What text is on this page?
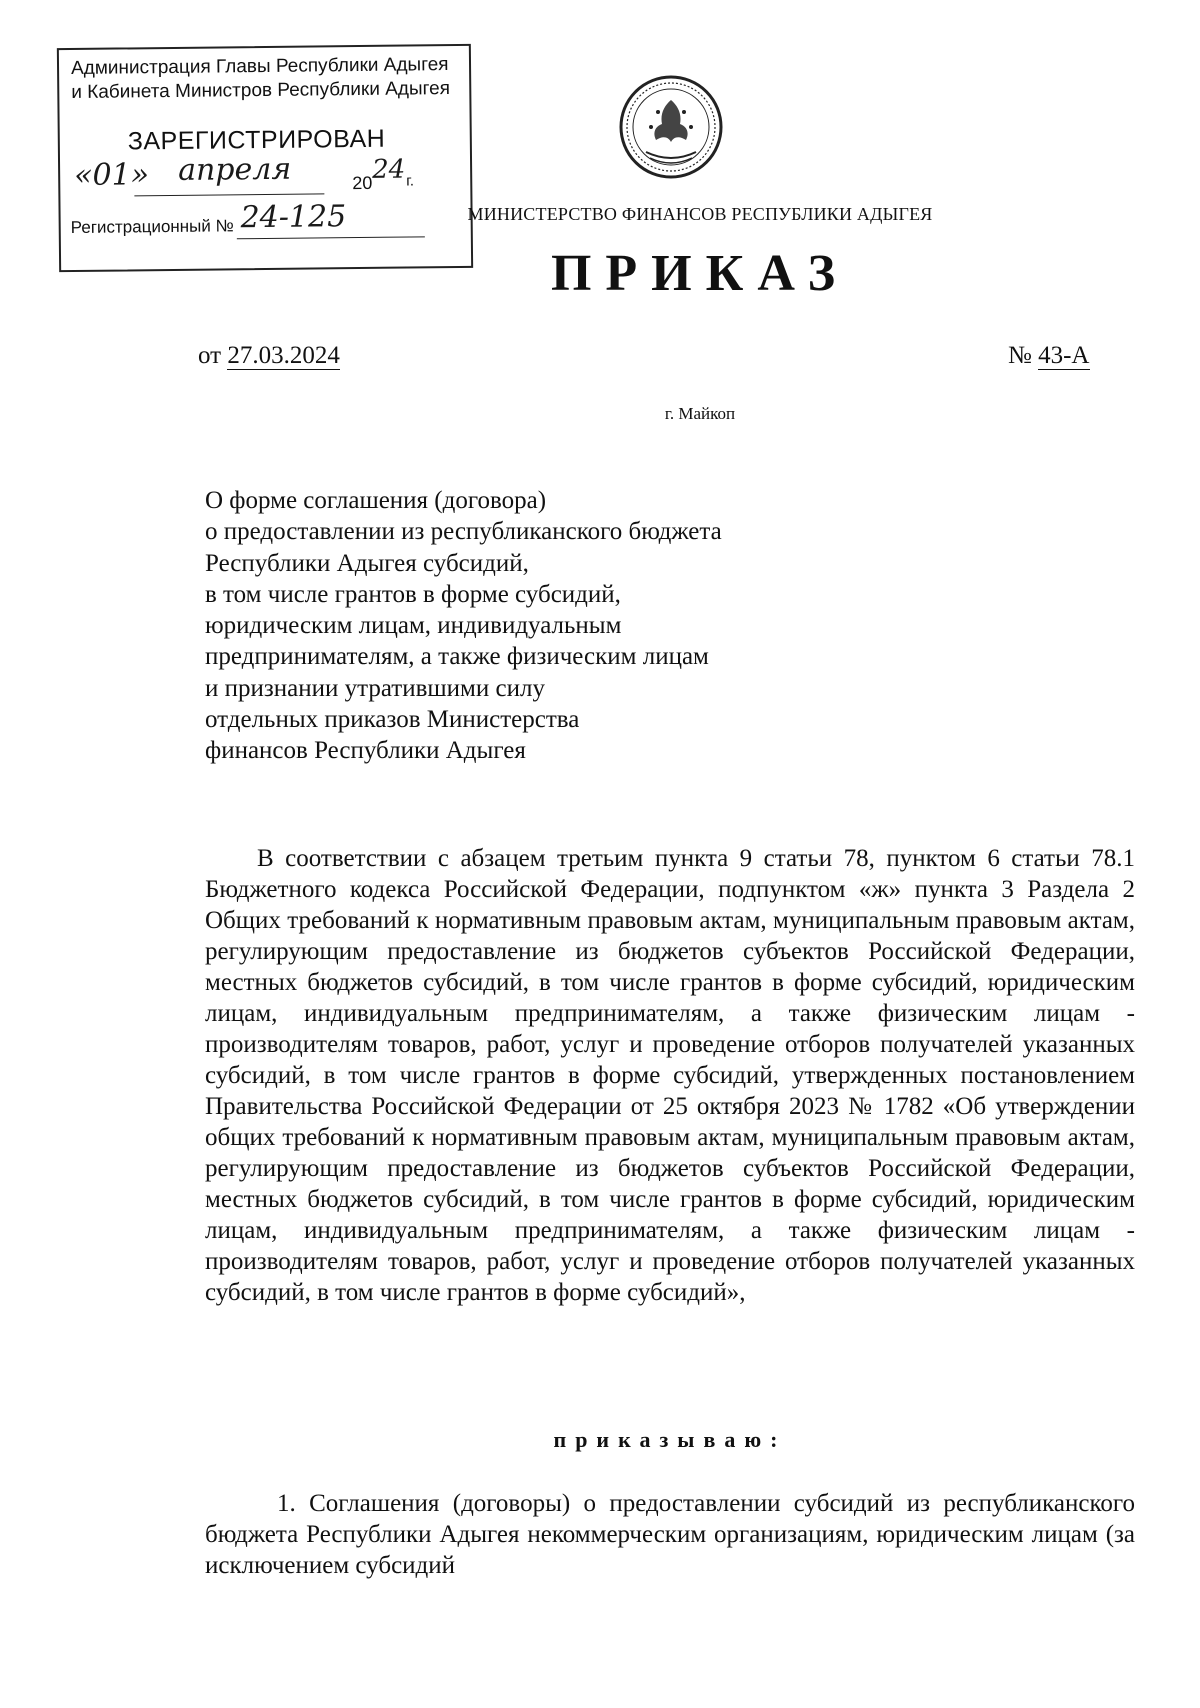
Администрация Главы Республики Адыгея
и Кабинета Министров Республики Адыгея
ЗАРЕГИСТРИРОВАН
«01» апреля	20 24 г.
Регистрационный № 24-125	МИНИСТЕРСТВО ФИНАНСОВ РЕСПУБЛИКИ АДЫГЕЯ
ПРИКАЗ
от 27.03.2024	№ 43-А
г. Майкоп
О форме соглашения (договора)
о предоставлении из республиканского бюджета
Республики Адыгея субсидий,
в том числе грантов в форме субсидий,
юридическим лицам, индивидуальным
предпринимателям, а также физическим лицам
и признании утратившими силу
отдельных приказов Министерства
финансов Республики Адыгея
В соответствии с абзацем третьим пункта 9 статьи 78, пунктом 6 статьи 78.1 Бюджетного кодекса Российской Федерации, подпунктом «ж» пункта 3 Раздела 2 Общих требований к нормативным правовым актам, муниципальным правовым актам, регулирующим предоставление из бюджетов субъектов Российской Федерации, местных бюджетов субсидий, в том числе грантов в форме субсидий, юридическим лицам, индивидуальным предпринимателям, а также физическим лицам - производителям товаров, работ, услуг и проведение отборов получателей указанных субсидий, в том числе грантов в форме субсидий, утвержденных постановлением Правительства Российской Федерации от 25 октября 2023 № 1782 «Об утверждении общих требований к нормативным правовым актам, муниципальным правовым актам, регулирующим предоставление из бюджетов субъектов Российской Федерации, местных бюджетов субсидий, в том числе грантов в форме субсидий, юридическим лицам, индивидуальным предпринимателям, а также физическим лицам - производителям товаров, работ, услуг и проведение отборов получателей указанных субсидий, в том числе грантов в форме субсидий»,
приказываю:
1. Соглашения (договоры) о предоставлении субсидий из республиканского бюджета Республики Адыгея некоммерческим организациям, юридическим лицам (за исключением субсидий
